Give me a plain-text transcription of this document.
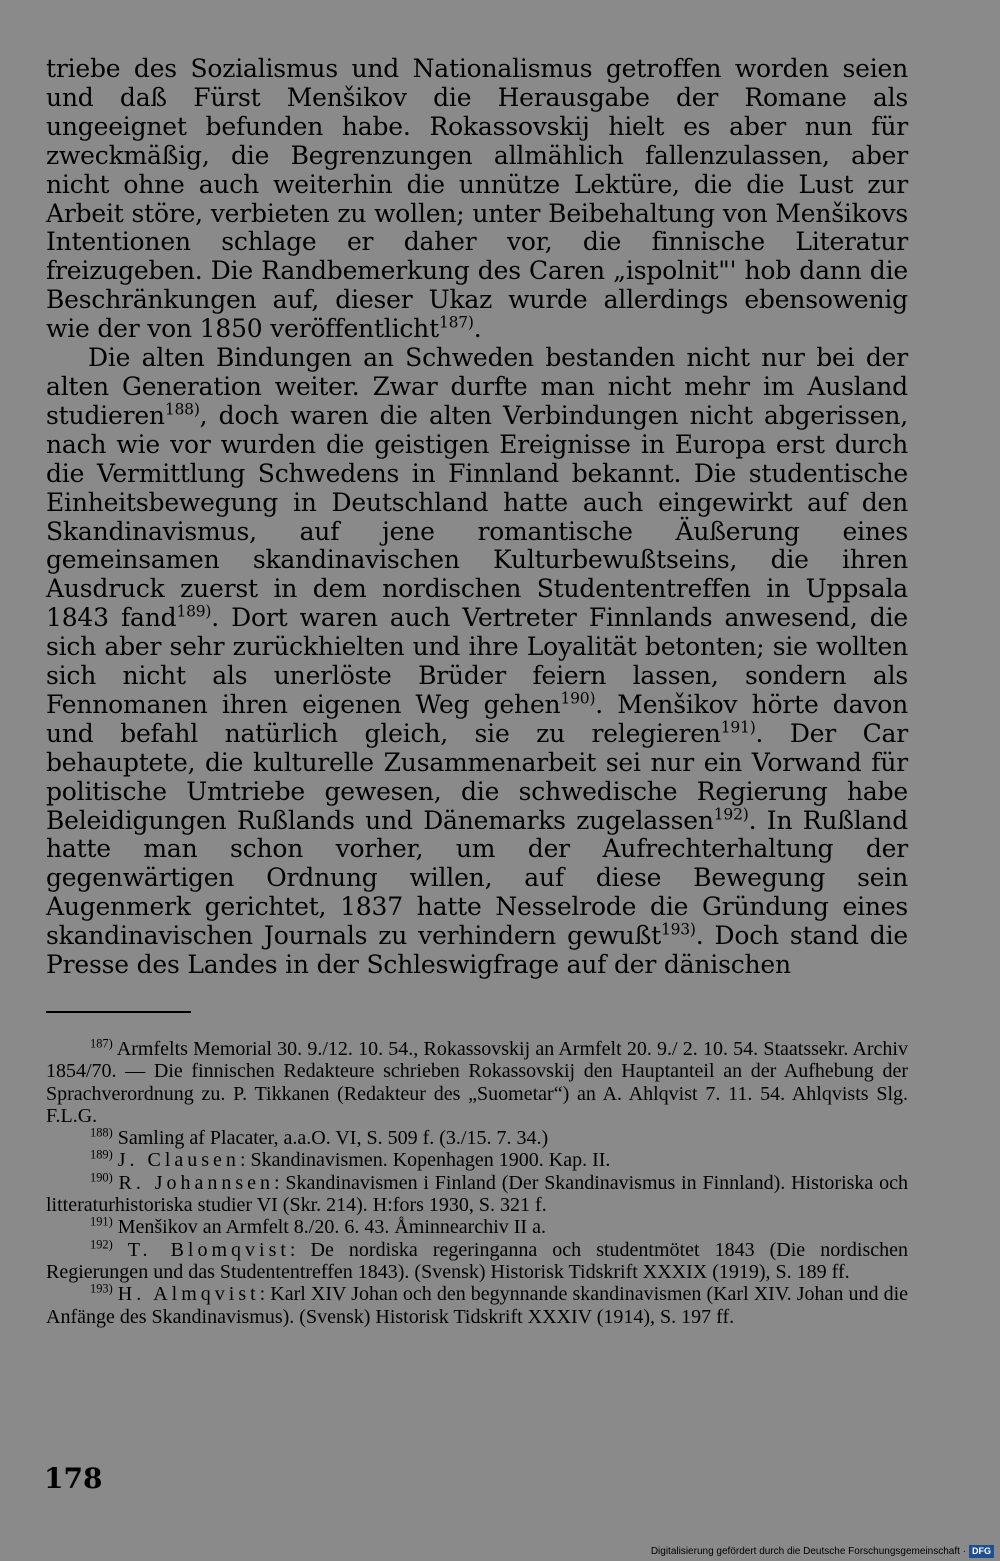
triebe des Sozialismus und Nationalismus getroffen worden seien und daß Fürst Menšikov die Herausgabe der Romane als ungeeignet befunden habe. Rokassovskij hielt es aber nun für zweckmäßig, die Begrenzungen allmählich fallenzulassen, aber nicht ohne auch weiterhin die unnütze Lektüre, die die Lust zur Arbeit störe, verbieten zu wollen; unter Beibehaltung von Menšikovs Intentionen schlage er daher vor, die finnische Literatur freizugeben. Die Randbemerkung des Caren „ispolnit"' hob dann die Beschränkungen auf, dieser Ukaz wurde allerdings ebensowenig wie der von 1850 veröffentlicht$^{187)}$.

Die alten Bindungen an Schweden bestanden nicht nur bei der alten Generation weiter. Zwar durfte man nicht mehr im Ausland studieren$^{188)}$, doch waren die alten Verbindungen nicht abgerissen, nach wie vor wurden die geistigen Ereignisse in Europa erst durch die Vermittlung Schwedens in Finnland bekannt. Die studentische Einheitsbewegung in Deutschland hatte auch eingewirkt auf den Skandinavismus, auf jene romantische Äußerung eines gemeinsamen skandinavischen Kulturbewußtseins, die ihren Ausdruck zuerst in dem nordischen Studententreffen in Uppsala 1843 fand$^{189)}$. Dort waren auch Vertreter Finnlands anwesend, die sich aber sehr zurückhielten und ihre Loyalität betonten; sie wollten sich nicht als unerlöste Brüder feiern lassen, sondern als Fennomanen ihren eigenen Weg gehen$^{190)}$. Menšikov hörte davon und befahl natürlich gleich, sie zu relegieren$^{191)}$. Der Car behauptete, die kulturelle Zusammenarbeit sei nur ein Vorwand für politische Umtriebe gewesen, die schwedische Regierung habe Beleidigungen Rußlands und Dänemarks zugelassen$^{192)}$. In Rußland hatte man schon vorher, um der Aufrechterhaltung der gegenwärtigen Ordnung willen, auf diese Bewegung sein Augenmerk gerichtet, 1837 hatte Nesselrode die Gründung eines skandinavischen Journals zu verhindern gewußt$^{193)}$. Doch stand die Presse des Landes in der Schleswigfrage auf der dänischen

$^{187)}$ Armfelts Memorial 30. 9./12. 10. 54., Rokassovskij an Armfelt 20. 9./ 2. 10. 54. Staatssekr. Archiv 1854/70. — Die finnischen Redakteure schrieben Rokassovskij den Hauptanteil an der Aufhebung der Sprachverordnung zu. P. Tikkanen (Redakteur des „Suometar“) an A. Ahlqvist 7. 11. 54. Ahlqvists Slg. F.L.G.

$^{188)}$ Samling af Placater, a.a.O. VI, S. 509 f. (3./15. 7. 34.)

$^{189)}$ J. Clausen: Skandinavismen. Kopenhagen 1900. Kap. II.

$^{190)}$ R. Johannsen: Skandinavismen i Finland (Der Skandinavismus in Finnland). Historiska och litteraturhistoriska studier VI (Skr. 214). H:fors 1930, S. 321 f.

$^{191)}$ Menšikov an Armfelt 8./20. 6. 43. Åminnearchiv II a.

$^{192)}$ T. Blomqvist: De nordiska regeringanna och studentmötet 1843 (Die nordischen Regierungen und das Studententreffen 1843). (Svensk) Historisk Tidskrift XXXIX (1919), S. 189 ff.

$^{193)}$ H. Almqvist: Karl XIV Johan och den begynnande skandinavismen (Karl XIV. Johan und die Anfänge des Skandinavismus). (Svensk) Historisk Tidskrift XXXIV (1914), S. 197 ff.

178
Digitalisierung gefördert durch die Deutsche Forschungsgemeinschaft · DFG
